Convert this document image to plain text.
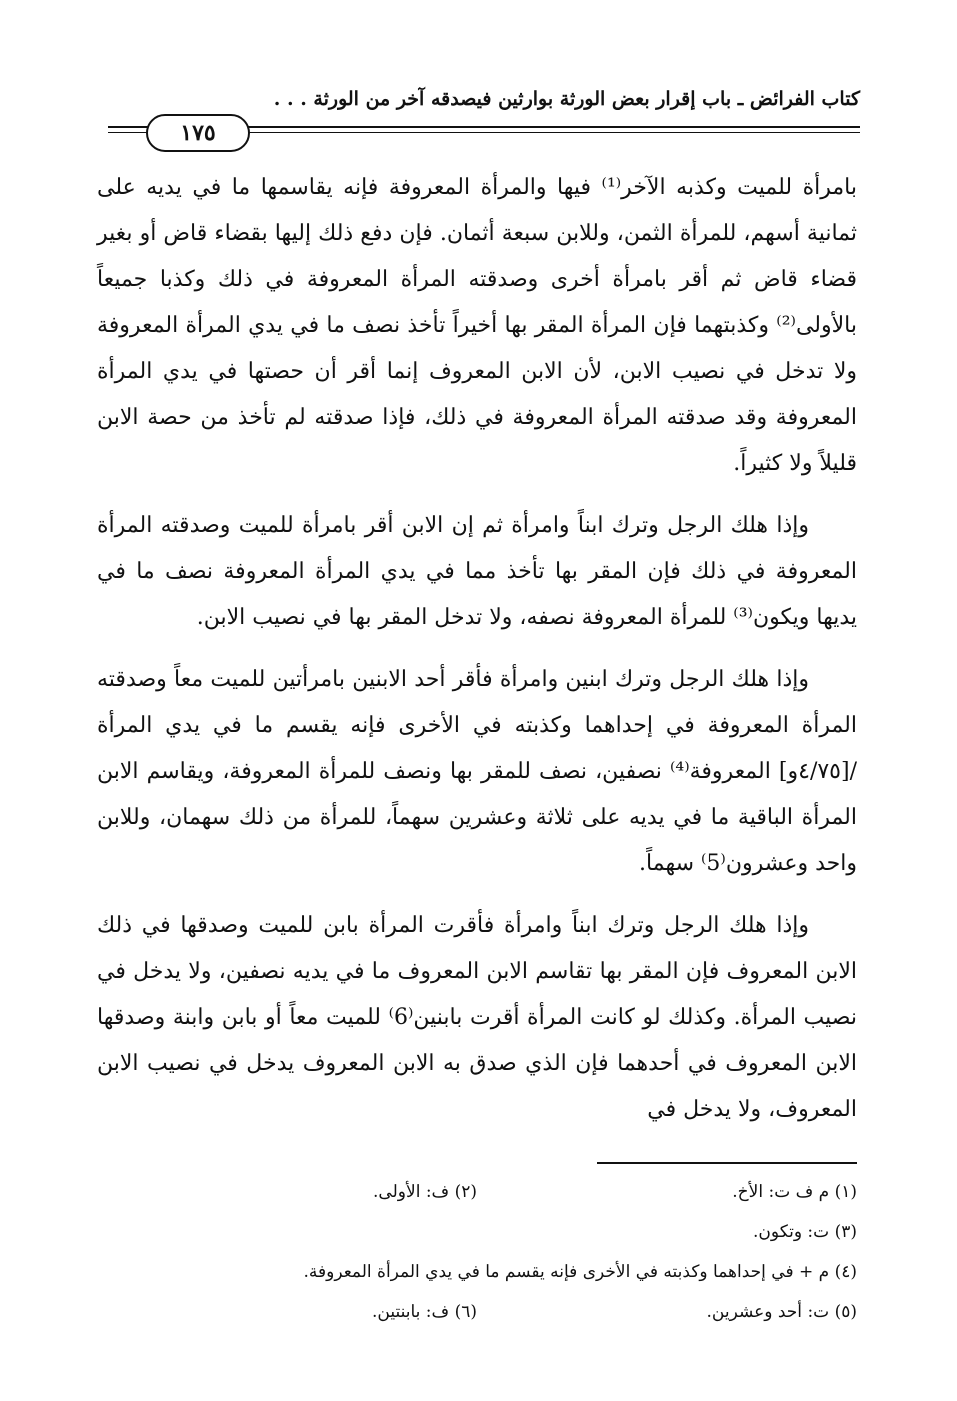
كتاب الفرائض ـ باب إقرار بعض الورثة بوارثين فيصدقه آخر من الورثة . . .
١٧٥

بامرأة للميت وكذبه الآخر⁽¹⁾ فيها والمرأة المعروفة فإنه يقاسمها ما في يديه على ثمانية أسهم، للمرأة الثمن، وللابن سبعة أثمان. فإن دفع ذلك إليها بقضاء قاض أو بغير قضاء قاض ثم أقر بامرأة أخرى وصدقته المرأة المعروفة في ذلك وكذبا جميعاً بالأولى⁽²⁾ وكذبتهما فإن المرأة المقر بها أخيراً تأخذ نصف ما في يدي المرأة المعروفة ولا تدخل في نصيب الابن، لأن الابن المعروف إنما أقر أن حصتها في يدي المرأة المعروفة وقد صدقته المرأة المعروفة في ذلك، فإذا صدقته لم تأخذ من حصة الابن قليلاً ولا كثيراً.

وإذا هلك الرجل وترك ابناً وامرأة ثم إن الابن أقر بامرأة للميت وصدقته المرأة المعروفة في ذلك فإن المقر بها تأخذ مما في يدي المرأة المعروفة نصف ما في يديها ويكون⁽³⁾ للمرأة المعروفة نصفه، ولا تدخل المقر بها في نصيب الابن.

وإذا هلك الرجل وترك ابنين وامرأة فأقر أحد الابنين بامرأتين للميت معاً وصدقته المرأة المعروفة في إحداهما وكذبته في الأخرى فإنه يقسم ما في يدي المرأة /[٤/٧٥و] المعروفة⁽⁴⁾ نصفين، نصف للمقر بها ونصف للمرأة المعروفة، ويقاسم الابن المرأة الباقية ما في يديه على ثلاثة وعشرين سهماً، للمرأة من ذلك سهمان، وللابن واحد وعشرون⁽5⁾ سهماً.

وإذا هلك الرجل وترك ابناً وامرأة فأقرت المرأة بابن للميت وصدقها في ذلك الابن المعروف فإن المقر بها تقاسم الابن المعروف ما في يديه نصفين، ولا يدخل في نصيب المرأة. وكذلك لو كانت المرأة أقرت بابنين⁽6⁾ للميت معاً أو بابن وابنة وصدقها الابن المعروف في أحدهما فإن الذي صدق به الابن المعروف يدخل في نصيب الابن المعروف، ولا يدخل في

(١) م ف ت: الأخ.
(٢) ف: الأولى.
(٣) ت: وتكون.
(٤) م + في إحداهما وكذبته في الأخرى فإنه يقسم ما في يدي المرأة المعروفة.
(٥) ت: أحد وعشرين.
(٦) ف: بابنتين.
